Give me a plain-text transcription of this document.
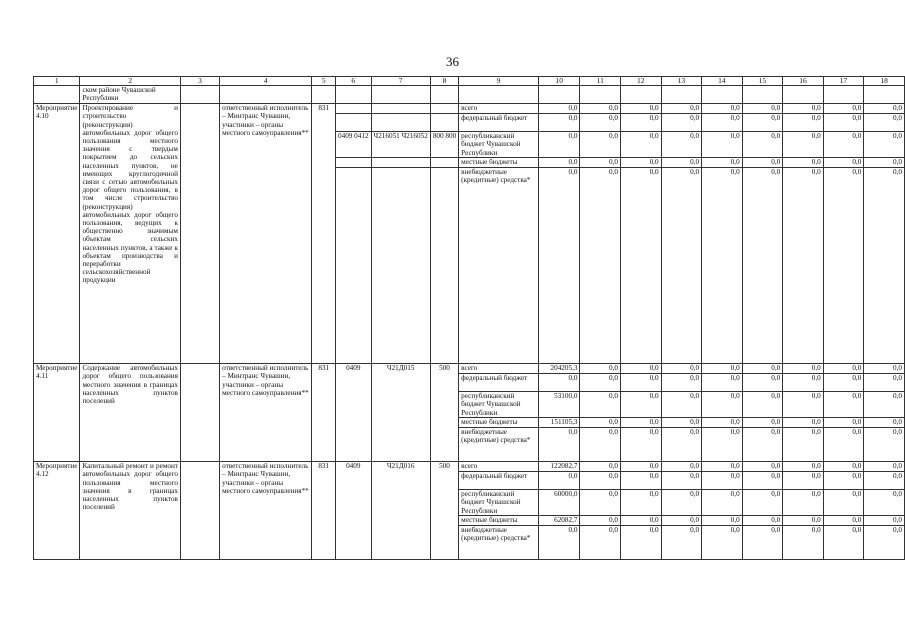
36
1	2	3	4	5	6	7	8	9	10	11	12	13	14	15	16	17	18
	ском районе Чувашской Республики																
Мероприятие 4.10	Проектирование и строительство (реконструкция) автомобильных дорог общего пользования местного значения с твердым покрытием до сельских населенных пунктов, не имеющих круглогодичной связи с сетью автомобильных дорог общего пользования, в том числе строительство (реконструкция) автомобильных дорог общего пользования, ведущих к общественно значимым объектам сельских населенных пунктов, а также к объектам производства и переработки сельскохозяйственной продукции		ответственный исполнитель – Минтранс Чувашии, участники – органы местного самоуправления**	831				всего	0,0	0,0	0,0	0,0	0,0	0,0	0,0	0,0	0,0
								федеральный бюджет	0,0	0,0	0,0	0,0	0,0	0,0	0,0	0,0	0,0
					0409 0412	Ч216051 Ч216052	800 800	республиканский бюджет Чувашской Республики	0,0	0,0	0,0	0,0	0,0	0,0	0,0	0,0	0,0
								местные бюджеты	0,0	0,0	0,0	0,0	0,0	0,0	0,0	0,0	0,0
								внебюджетные (кредитные) средства*	0,0	0,0	0,0	0,0	0,0	0,0	0,0	0,0	0,0
Мероприятие 4.11	Содержание автомобильных дорог общего пользования местного значения в границах населенных пунктов поселений		ответственный исполнитель – Минтранс Чувашии, участники – органы местного самоуправления**	831	0409	Ч21Д015	500	всего	204205,3	0,0	0,0	0,0	0,0	0,0	0,0	0,0	0,0
								федеральный бюджет	0,0	0,0	0,0	0,0	0,0	0,0	0,0	0,0	0,0
								республиканский бюджет Чувашской Республики	53100,0	0,0	0,0	0,0	0,0	0,0	0,0	0,0	0,0
								местные бюджеты	151105,3	0,0	0,0	0,0	0,0	0,0	0,0	0,0	0,0
								внебюджетные (кредитные) средства*	0,0	0,0	0,0	0,0	0,0	0,0	0,0	0,0	0,0
Мероприятие 4.12	Капитальный ремонт и ремонт автомобильных дорог общего пользования местного значения в границах населенных пунктов поселений		ответственный исполнитель – Минтранс Чувашии, участники – органы местного самоуправления**	831	0409	Ч21Д016	500	всего	122082,7	0,0	0,0	0,0	0,0	0,0	0,0	0,0	0,0
								федеральный бюджет	0,0	0,0	0,0	0,0	0,0	0,0	0,0	0,0	0,0
								республиканский бюджет Чувашской Республики	60000,0	0,0	0,0	0,0	0,0	0,0	0,0	0,0	0,0
								местные бюджеты	62082,7	0,0	0,0	0,0	0,0	0,0	0,0	0,0	0,0
								внебюджетные (кредитные) средства*	0,0	0,0	0,0	0,0	0,0	0,0	0,0	0,0	0,0
